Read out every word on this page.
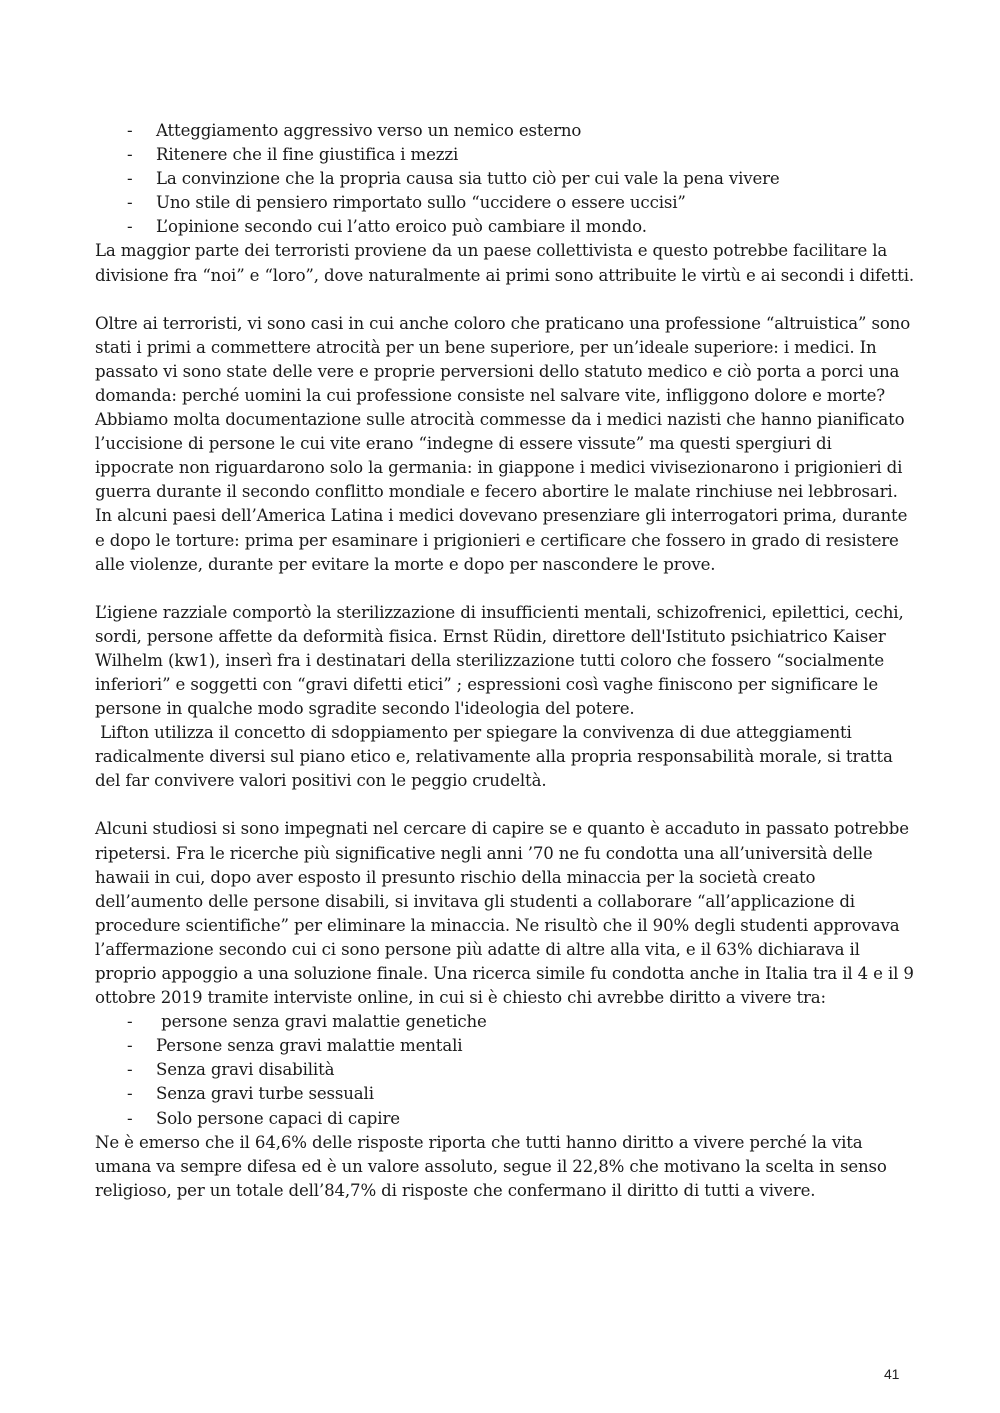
- Atteggiamento aggressivo verso un nemico esterno
- Ritenere che il fine giustifica i mezzi
- La convinzione che la propria causa sia tutto ciò per cui vale la pena vivere
- Uno stile di pensiero rimportato sullo “uccidere o essere uccisi”
- L’opinione secondo cui l’atto eroico può cambiare il mondo.

La maggior parte dei terroristi proviene da un paese collettivista e questo potrebbe facilitare la divisione fra “noi” e “loro”, dove naturalmente ai primi sono attribuite le virtù e ai secondi i difetti.

Oltre ai terroristi, vi sono casi in cui anche coloro che praticano una professione “altruistica” sono stati i primi a commettere atrocità per un bene superiore, per un’ideale superiore: i medici. In passato vi sono state delle vere e proprie perversioni dello statuto medico e ciò porta a porci una domanda: perché uomini la cui professione consiste nel salvare vite, infliggono dolore e morte?

Abbiamo molta documentazione sulle atrocità commesse da i medici nazisti che hanno pianificato l’uccisione di persone le cui vite erano “indegne di essere vissute” ma questi spergiuri di ippocrate non riguardarono solo la germania: in giappone i medici vivisezionarono i prigionieri di guerra durante il secondo conflitto mondiale e fecero abortire le malate rinchiuse nei lebbrosari. In alcuni paesi dell’America Latina i medici dovevano presenziare gli interrogatori prima, durante e dopo le torture: prima per esaminare i prigionieri e certificare che fossero in grado di resistere alle violenze, durante per evitare la morte e dopo per nascondere le prove.

L’igiene razziale comportò la sterilizzazione di insufficienti mentali, schizofrenici, epilettici, cechi, sordi, persone affette da deformità fisica. Ernst Rüdin, direttore dell'Istituto psichiatrico Kaiser Wilhelm (kw1), inserì fra i destinatari della sterilizzazione tutti coloro che fossero “socialmente inferiori” e soggetti con “gravi difetti etici” ; espressioni così vaghe finiscono per significare le persone in qualche modo sgradite secondo l'ideologia del potere.

Lifton utilizza il concetto di sdoppiamento per spiegare la convivenza di due atteggiamenti radicalmente diversi sul piano etico e, relativamente alla propria responsabilità morale, si tratta del far convivere valori positivi con le peggio crudeltà.

Alcuni studiosi si sono impegnati nel cercare di capire se e quanto è accaduto in passato potrebbe ripetersi. Fra le ricerche più significative negli anni ’70 ne fu condotta una all’università delle hawaii in cui, dopo aver esposto il presunto rischio della minaccia per la società creato dell’aumento delle persone disabili, si invitava gli studenti a collaborare “all’applicazione di procedure scientifiche” per eliminare la minaccia. Ne risultò che il 90% degli studenti approvava l’affermazione secondo cui ci sono persone più adatte di altre alla vita, e il 63% dichiarava il proprio appoggio a una soluzione finale. Una ricerca simile fu condotta anche in Italia tra il 4 e il 9 ottobre 2019 tramite interviste online, in cui si è chiesto chi avrebbe diritto a vivere tra:

- persone senza gravi malattie genetiche
- Persone senza gravi malattie mentali
- Senza gravi disabilità
- Senza gravi turbe sessuali
- Solo persone capaci di capire

Ne è emerso che il 64,6% delle risposte riporta che tutti hanno diritto a vivere perché la vita umana va sempre difesa ed è un valore assoluto, segue il 22,8% che motivano la scelta in senso religioso, per un totale dell’84,7% di risposte che confermano il diritto di tutti a vivere.

41
